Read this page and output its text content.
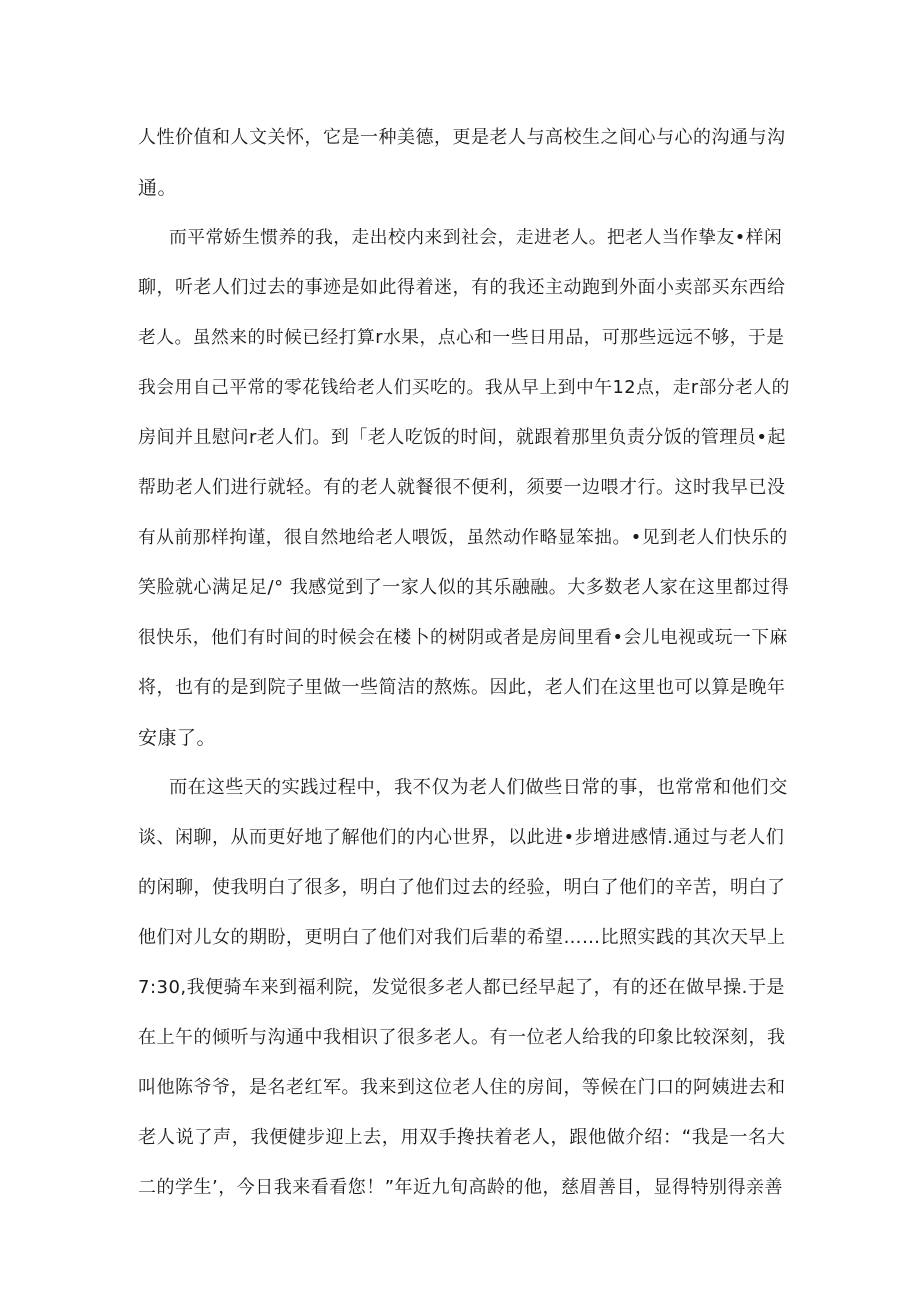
人性价值和人文关怀，它是一种美德，更是老人与高校生之间心与心的沟通与沟
通。
而平常娇生惯养的我，走出校内来到社会，走进老人。把老人当作挚友•样闲
聊，听老人们过去的事迹是如此得着迷，有的我还主动跑到外面小卖部买东西给
老人。虽然来的时候已经打算r水果，点心和一些日用品，可那些远远不够，于是
我会用自己平常的零花钱给老人们买吃的。我从早上到中午12点，走r部分老人的
房间并且慰问r老人们。到「老人吃饭的时间，就跟着那里负责分饭的管理员•起
帮助老人们进行就轻。有的老人就餐很不便利，须要一边喂才行。这时我早已没
有从前那样拘谨，很自然地给老人喂饭，虽然动作略显笨拙。•见到老人们快乐的
笑脸就心满足足/° 我感觉到了一家人似的其乐融融。大多数老人家在这里都过得
很快乐，他们有时间的时候会在楼卜的树阴或者是房间里看•会儿电视或玩一下麻
将，也有的是到院子里做一些简洁的熬炼。因此，老人们在这里也可以算是晚年
安康了。
而在这些天的实践过程中，我不仅为老人们做些日常的事，也常常和他们交
谈、闲聊，从而更好地了解他们的内心世界，以此进•步增进感情.通过与老人们
的闲聊，使我明白了很多，明白了他们过去的经验，明白了他们的辛苦，明白了
他们对儿女的期盼，更明白了他们对我们后辈的希望……比照实践的其次天早上
7:30,我便骑车来到福利院，发觉很多老人都已经早起了，有的还在做早操.于是
在上午的倾听与沟通中我相识了很多老人。有一位老人给我的印象比较深刻，我
叫他陈爷爷，是名老红军。我来到这位老人住的房间，等候在门口的阿姨进去和
老人说了声，我便健步迎上去，用双手搀扶着老人，跟他做介绍：“我是一名大
二的学生’，今日我来看看您！”年近九旬高龄的他，慈眉善目，显得特别得亲善
